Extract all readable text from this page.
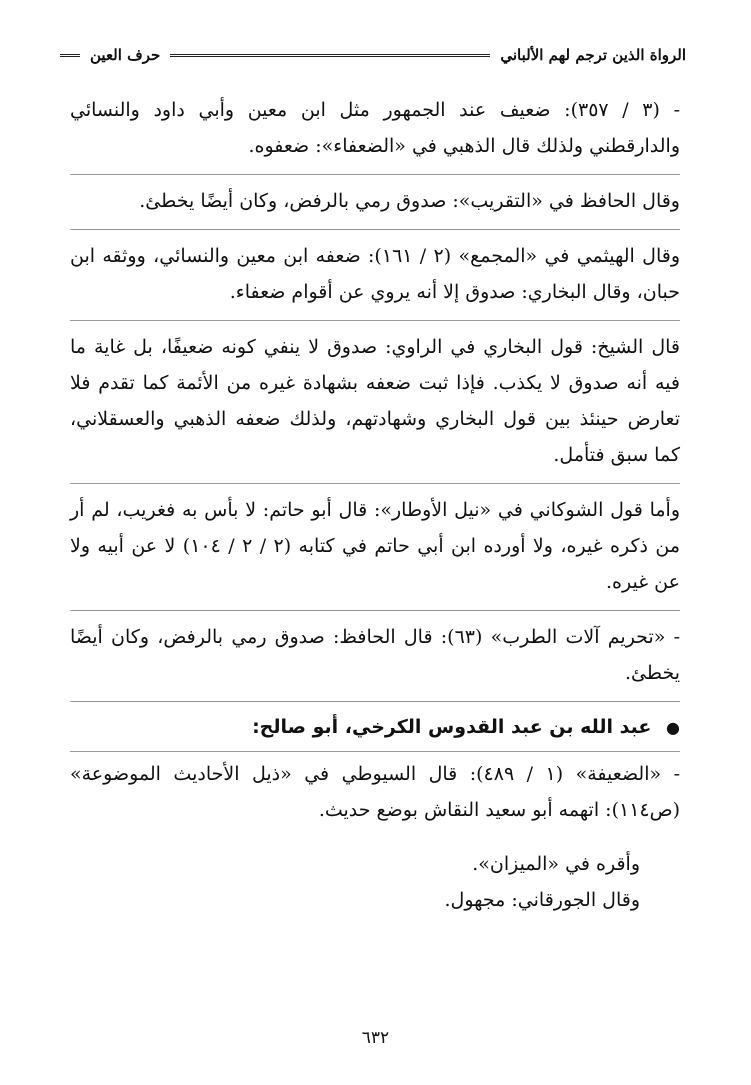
الرواة الذين ترجم لهم الألباني
حرف العين

- (٣ / ٣٥٧): ضعيف عند الجمهور مثل ابن معين وأبي داود والنسائي والدارقطني ولذلك قال الذهبي في «الضعفاء»: ضعفوه.

وقال الحافظ في «التقريب»: صدوق رمي بالرفض، وكان أيضًا يخطئ.

وقال الهيثمي في «المجمع» (٢ / ١٦١): ضعفه ابن معين والنسائي، ووثقه ابن حبان، وقال البخاري: صدوق إلا أنه يروي عن أقوام ضعفاء.

قال الشيخ: قول البخاري في الراوي: صدوق لا ينفي كونه ضعيفًا، بل غاية ما فيه أنه صدوق لا يكذب. فإذا ثبت ضعفه بشهادة غيره من الأئمة كما تقدم فلا تعارض حينئذ بين قول البخاري وشهادتهم، ولذلك ضعفه الذهبي والعسقلاني، كما سبق فتأمل.

وأما قول الشوكاني في «نيل الأوطار»: قال أبو حاتم: لا بأس به فغريب، لم أر من ذكره غيره، ولا أورده ابن أبي حاتم في كتابه (٢ / ٢ / ١٠٤) لا عن أبيه ولا عن غيره.

- «تحريم آلات الطرب» (٦٣): قال الحافظ: صدوق رمي بالرفض، وكان أيضًا يخطئ.

● عبد الله بن عبد القدوس الكرخي، أبو صالح:

- «الضعيفة» (١ / ٤٨٩): قال السيوطي في «ذيل الأحاديث الموضوعة» (ص١١٤): اتهمه أبو سعيد النقاش بوضع حديث.

وأقره في «الميزان».

وقال الجورقاني: مجهول.

٦٣٢
